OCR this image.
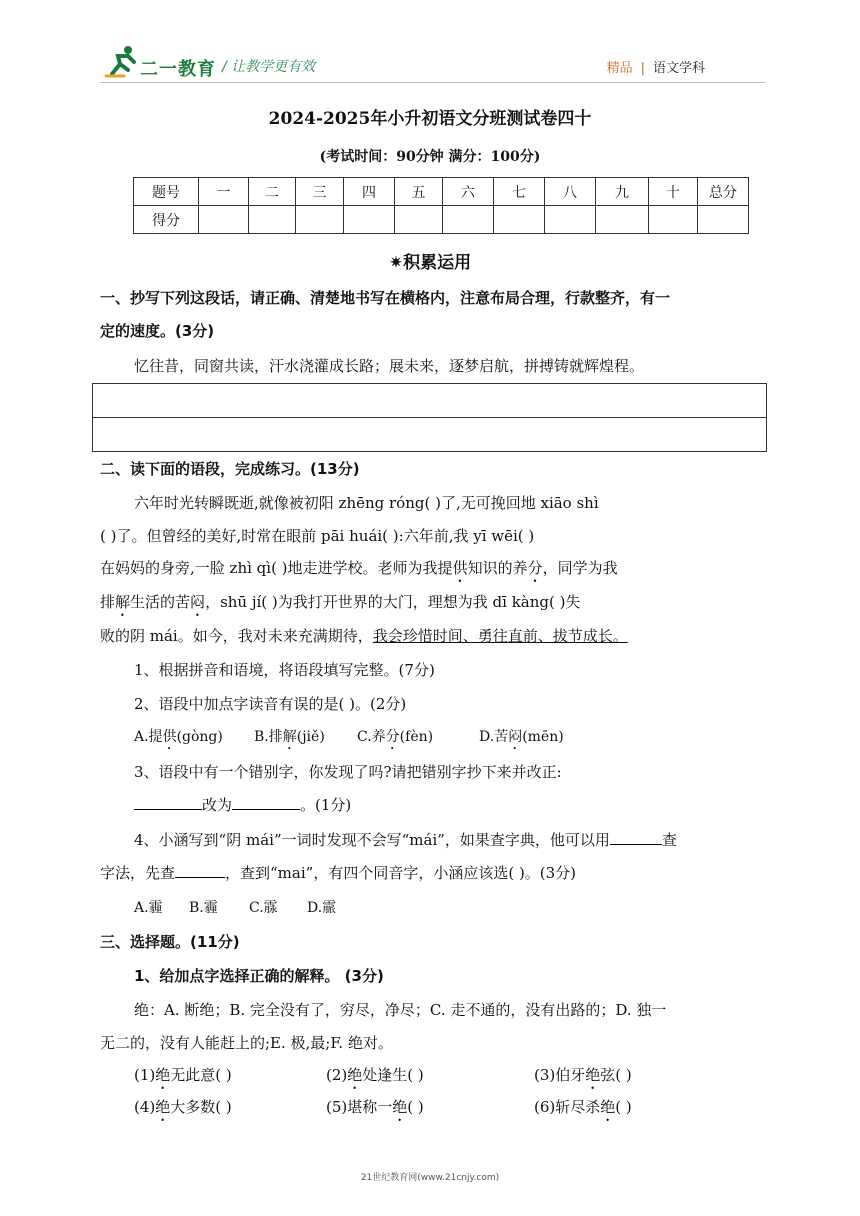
二一教育 / 让教学更有效	精品 | 语文学科
2024-2025年小升初语文分班测试卷四十
(考试时间：90分钟 满分：100分)
题号	一	二	三	四	五	六	七	八	九	十	总分
得分											
✷积累运用
一、抄写下列这段话，请正确、清楚地书写在横格内，注意布局合理，行款整齐，有一
定的速度。(3分)
忆往昔，同窗共读，汗水浇灌成长路；展未来，逐梦启航，拼搏铸就辉煌程。
二、读下面的语段，完成练习。(13分)
六年时光转瞬既逝,就像被初阳 zhēng róng( )了,无可挽回地 xiāo shì
( )了。但曾经的美好,时常在眼前 pāi huái( ):六年前,我 yī wēi( )
在妈妈的身旁,一脸 zhì qì( )地走进学校。老师为我提供知识的养分，同学为我
排解生活的苦闷，shū jí( )为我打开世界的大门，理想为我 dī kàng( )失
败的阴 mái。如今，我对未来充满期待，我会珍惜时间、勇往直前、拔节成长。
1、根据拼音和语境，将语段填写完整。(7分)
2、语段中加点字读音有误的是( )。(2分)
A.提供(gòng) B.排解(jiě) C.养分(fèn)	D.苦闷(mēn)
3、语段中有一个错别字，你发现了吗?请把错别字抄下来并改正:
改为	。(1分)
4、小涵写到“阴 mái”一词时发现不会写“mái”，如果查字典，他可以用	查
字法，先查	，查到“mai”，有四个同音字，小涵应该选( )。(3分)
A.霾 B.霾 C.霡 D.霢
三、选择题。(11分)
1、给加点字选择正确的解释。 (3分)
绝：A. 断绝；B. 完全没有了，穷尽，净尽；C. 走不通的，没有出路的；D. 独一
无二的，没有人能赶上的;E. 极,最;F. 绝对。
(1)绝无此意( )	(2)绝处逢生( )	(3)伯牙绝弦( )
(4)绝大多数( )	(5)堪称一绝( )	(6)斩尽杀绝( )
21世纪教育网(www.21cnjy.com)
